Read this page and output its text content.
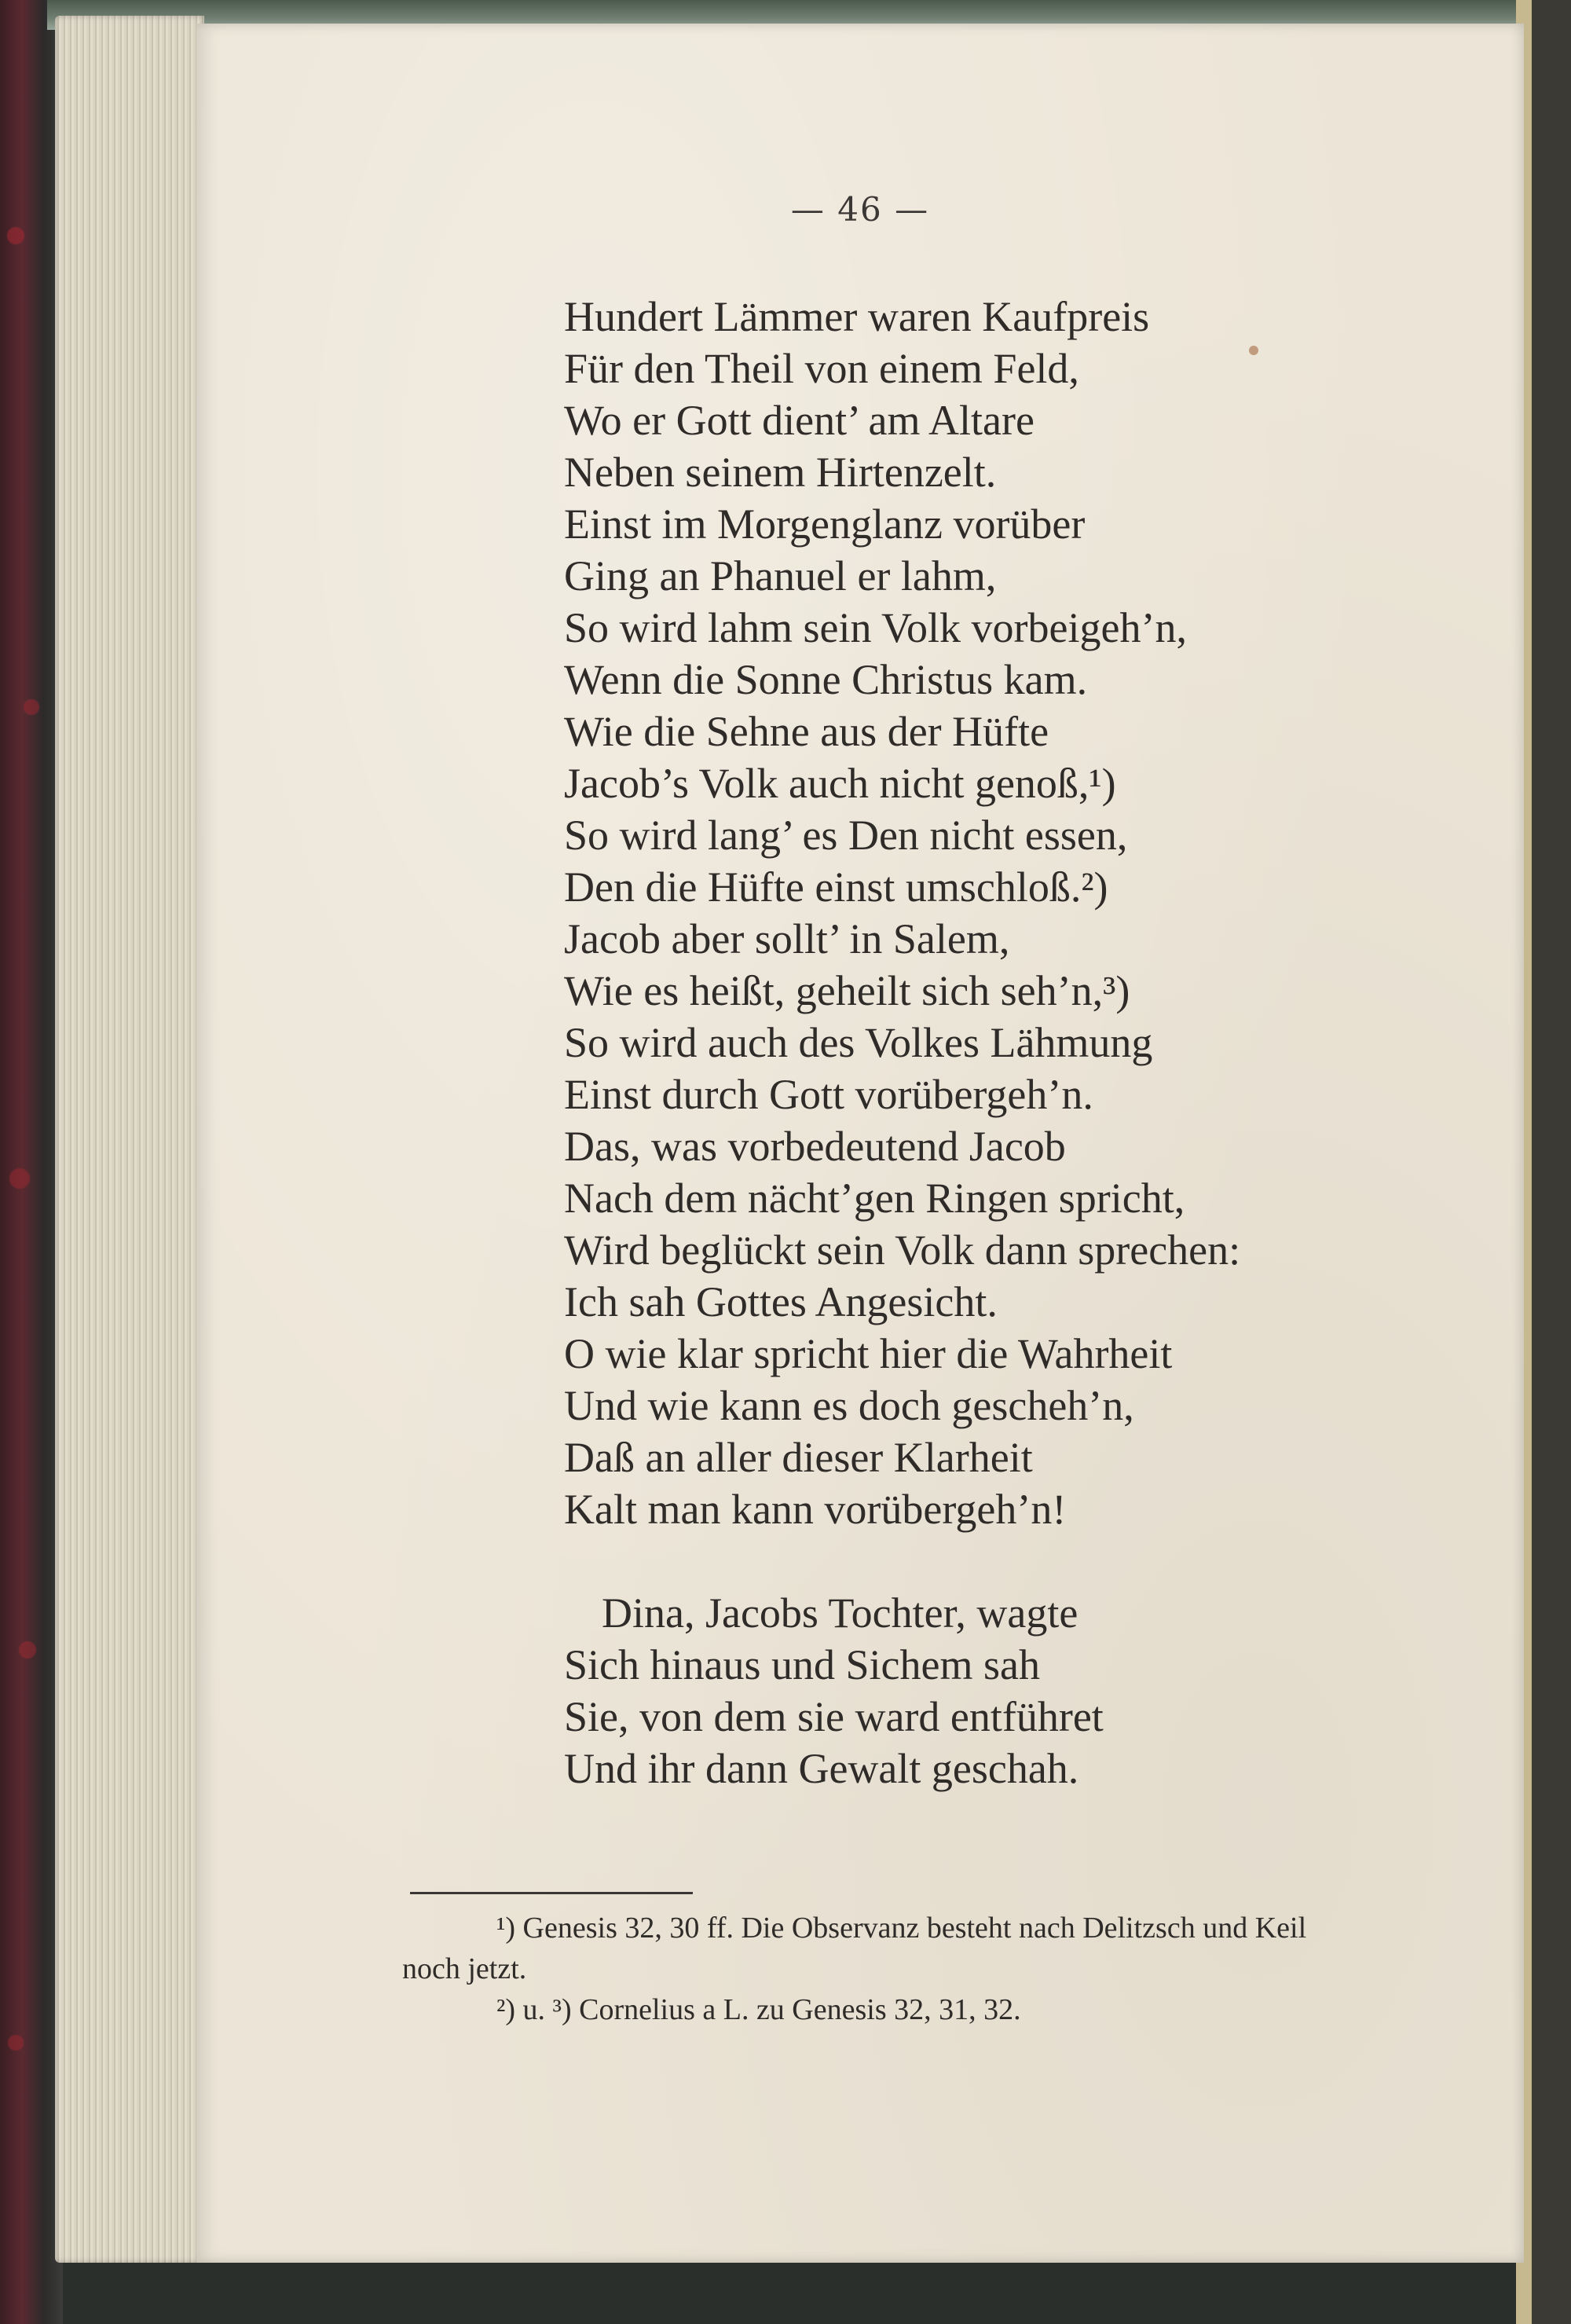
— 46 —
Hundert Lämmer waren Kaufpreis
Für den Theil von einem Feld,
Wo er Gott dient’ am Altare
Neben seinem Hirtenzelt.
Einst im Morgenglanz vorüber
Ging an Phanuel er lahm,
So wird lahm sein Volk vorbeigeh’n,
Wenn die Sonne Christus kam.
Wie die Sehne aus der Hüfte
Jacob’s Volk auch nicht genoß,¹)
So wird lang’ es Den nicht essen,
Den die Hüfte einst umschloß.²)
Jacob aber sollt’ in Salem,
Wie es heißt, geheilt sich seh’n,³)
So wird auch des Volkes Lähmung
Einst durch Gott vorübergeh’n.
Das, was vorbedeutend Jacob
Nach dem nächt’gen Ringen spricht,
Wird beglückt sein Volk dann sprechen:
Ich sah Gottes Angesicht.
O wie klar spricht hier die Wahrheit
Und wie kann es doch gescheh’n,
Daß an aller dieser Klarheit
Kalt man kann vorübergeh’n!
Dina, Jacobs Tochter, wagte
Sich hinaus und Sichem sah
Sie, von dem sie ward entführet
Und ihr dann Gewalt geschah.
¹) Genesis 32, 30 ff. Die Observanz besteht nach Delitzsch und Keil
noch jetzt.
²) u. ³) Cornelius a L. zu Genesis 32, 31, 32.
